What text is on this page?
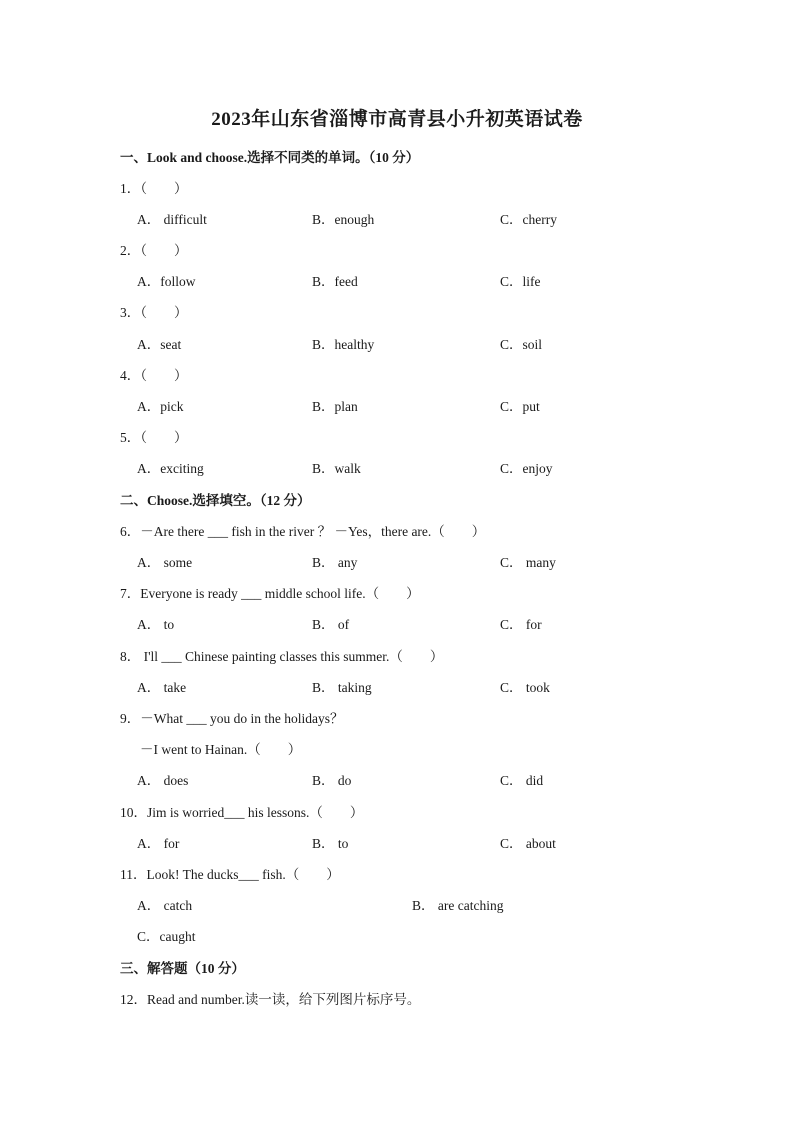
2023年山东省淄博市高青县小升初英语试卷
一、Look and choose.选择不同类的单词。（10 分）
1．（　　）
A． difficult	B．enough	C．cherry
2．（　　）
A．follow	B．feed	C．life
3．（　　）
A．seat	B．healthy	C．soil
4．（　　）
A．pick	B．plan	C．put
5．（　　）
A．exciting	B．walk	C．enjoy
二、Choose.选择填空。（12 分）
6．－Are there ___ fish in the river ？ －Yes，there are.（　　）
A． some	B． any	C． many
7．Everyone is ready ___ middle school life.（　　）
A． to	B． of	C． for
8． I'll ___ Chinese painting classes this summer.（　　）
A． take	B． taking	C． took
9．－What ___ you do in the holidays？
－I went to Hainan.（　　）
A． does	B． do	C． did
10．Jim is worried___ his lessons.（　　）
A． for	B． to	C． about
11．Look! The ducks___ fish.（　　）
A． catch	B． are catching
C．caught
三、解答题（10 分）
12．Read and number.读一读，给下列图片标序号。
